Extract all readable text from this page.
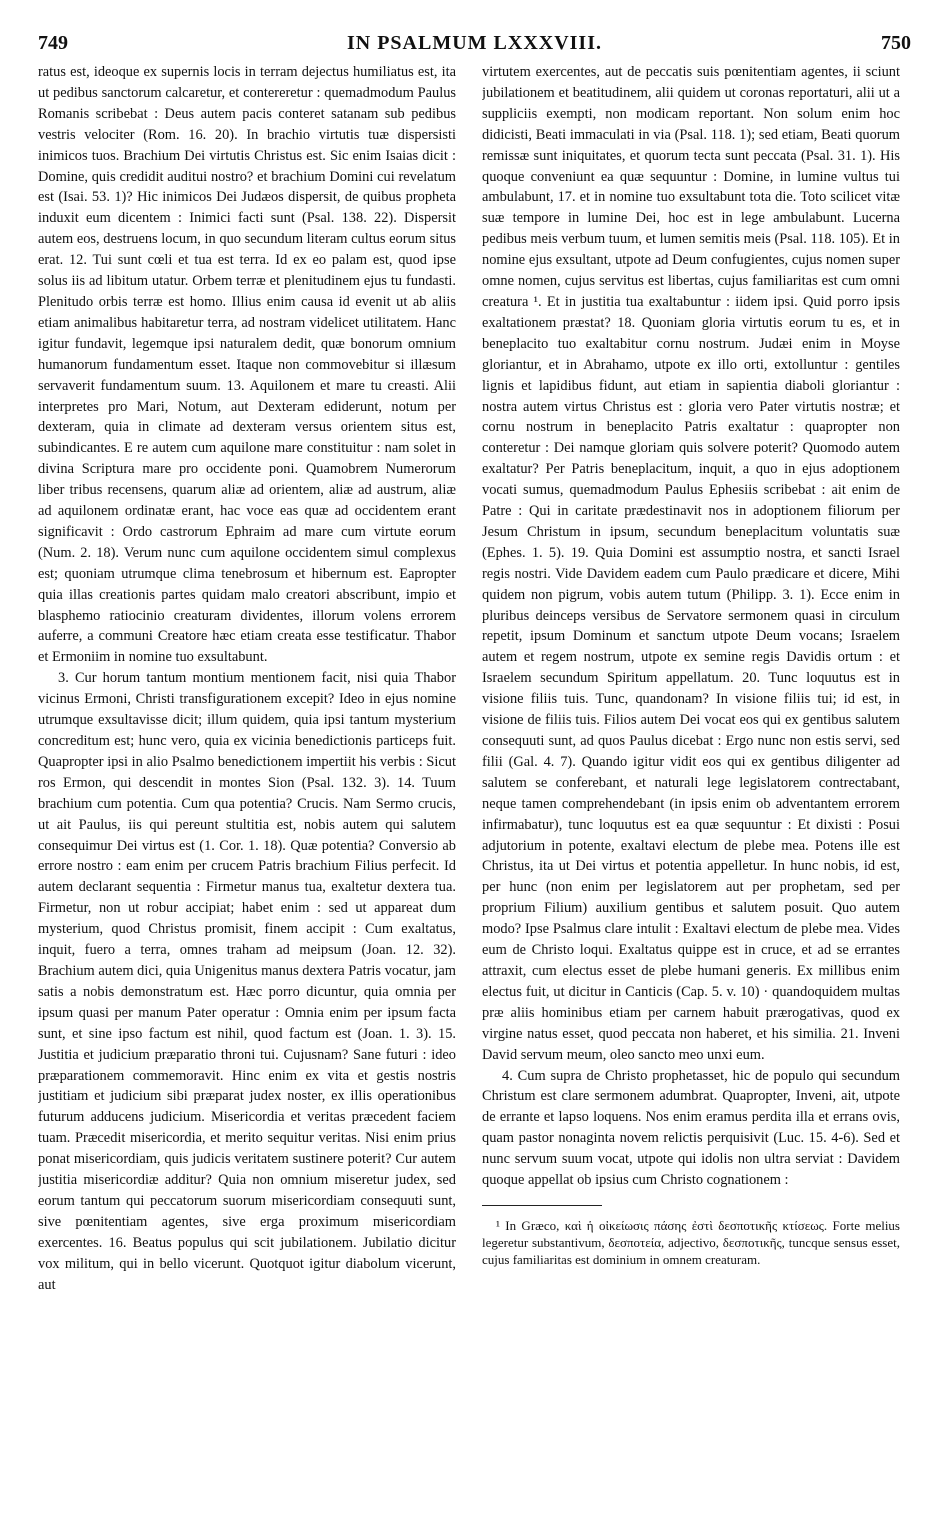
749	IN PSALMUM LXXXVIII.	750

ratus est, ideoque ex supernis locis in terram dejectus humiliatus est, ita ut pedibus sanctorum calcaretur, et contereretur : quemadmodum Paulus Romanis scribebat : Deus autem pacis conteret satanam sub pedibus vestris velociter (Rom. 16. 20). In brachio virtutis tuæ dispersisti inimicos tuos. Brachium Dei virtutis Christus est. Sic enim Isaias dicit : Domine, quis credidit auditui nostro? et brachium Domini cui revelatum est (Isai. 53. 1)? Hic inimicos Dei Judæos dispersit, de quibus propheta induxit eum dicentem : Inimici facti sunt (Psal. 138. 22). Dispersit autem eos, destruens locum, in quo secundum literam cultus eorum situs erat. 12. Tui sunt cœli et tua est terra. Id ex eo palam est, quod ipse solus iis ad libitum utatur. Orbem terræ et plenitudinem ejus tu fundasti. Plenitudo orbis terræ est homo. Illius enim causa id evenit ut ab aliis etiam animalibus habitaretur terra, ad nostram videlicet utilitatem. Hanc igitur fundavit, legemque ipsi naturalem dedit, quæ bonorum omnium humanorum fundamentum esset. Itaque non commovebitur si illæsum servaverit fundamentum suum. 13. Aquilonem et mare tu creasti. Alii interpretes pro Mari, Notum, aut Dexteram ediderunt, notum per dexteram, quia in climate ad dexteram versus orientem situs est, subindicantes. E re autem cum aquilone mare constituitur : nam solet in divina Scriptura mare pro occidente poni. Quamobrem Numerorum liber tribus recensens, quarum aliæ ad orientem, aliæ ad austrum, aliæ ad aquilonem ordinatæ erant, hac voce eas quæ ad occidentem erant significavit : Ordo castrorum Ephraim ad mare cum virtute eorum (Num. 2. 18). Verum nunc cum aquilone occidentem simul complexus est; quoniam utrumque clima tenebrosum et hibernum est. Eapropter quia illas creationis partes quidam malo creatori abscribunt, impio et blasphemo ratiocinio creaturam dividentes, illorum volens errorem auferre, a communi Creatore hæc etiam creata esse testificatur. Thabor et Ermoniim in nomine tuo exsultabunt.

3. Cur horum tantum montium mentionem facit, nisi quia Thabor vicinus Ermoni, Christi transfigurationem excepit? Ideo in ejus nomine utrumque exsultavisse dicit; illum quidem, quia ipsi tantum mysterium concreditum est; hunc vero, quia ex vicinia benedictionis particeps fuit. Quapropter ipsi in alio Psalmo benedictionem impertiit his verbis : Sicut ros Ermon, qui descendit in montes Sion (Psal. 132. 3). 14. Tuum brachium cum potentia. Cum qua potentia? Crucis. Nam Sermo crucis, ut ait Paulus, iis qui pereunt stultitia est, nobis autem qui salutem consequimur Dei virtus est (1. Cor. 1. 18). Quæ potentia? Conversio ab errore nostro : eam enim per crucem Patris brachium Filius perfecit. Id autem declarant sequentia : Firmetur manus tua, exaltetur dextera tua. Firmetur, non ut robur accipiat; habet enim : sed ut appareat dum mysterium, quod Christus promisit, finem accipit : Cum exaltatus, inquit, fuero a terra, omnes traham ad meipsum (Joan. 12. 32). Brachium autem dici, quia Unigenitus manus dextera Patris vocatur, jam satis a nobis demonstratum est. Hæc porro dicuntur, quia omnia per ipsum quasi per manum Pater operatur : Omnia enim per ipsum facta sunt, et sine ipso factum est nihil, quod factum est (Joan. 1. 3). 15. Justitia et judicium præparatio throni tui. Cujusnam? Sane futuri : ideo præparationem commemoravit. Hinc enim ex vita et gestis nostris justitiam et judicium sibi præparat judex noster, ex illis operationibus futurum adducens judicium. Misericordia et veritas præcedent faciem tuam. Præcedit misericordia, et merito sequitur veritas. Nisi enim prius ponat misericordiam, quis judicis veritatem sustinere poterit? Cur autem justitia misericordiæ additur? Quia non omnium miseretur judex, sed eorum tantum qui peccatorum suorum misericordiam consequuti sunt, sive pœnitentiam agentes, sive erga proximum misericordiam exercentes. 16. Beatus populus qui scit jubilationem. Jubilatio dicitur vox militum, qui in bello vicerunt. Quotquot igitur diabolum vicerunt, aut

virtutem exercentes, aut de peccatis suis pœnitentiam agentes, ii sciunt jubilationem et beatitudinem, alii quidem ut coronas reportaturi, alii ut a suppliciis exempti, non modicam reportant. Non solum enim hoc didicisti, Beati immaculati in via (Psal. 118. 1); sed etiam, Beati quorum remissæ sunt iniquitates, et quorum tecta sunt peccata (Psal. 31. 1). His quoque conveniunt ea quæ sequuntur : Domine, in lumine vultus tui ambulabunt, 17. et in nomine tuo exsultabunt tota die. Toto scilicet vitæ suæ tempore in lumine Dei, hoc est in lege ambulabunt. Lucerna pedibus meis verbum tuum, et lumen semitis meis (Psal. 118. 105). Et in nomine ejus exsultant, utpote ad Deum confugientes, cujus nomen super omne nomen, cujus servitus est libertas, cujus familiaritas est cum omni creatura ¹. Et in justitia tua exaltabuntur : iidem ipsi. Quid porro ipsis exaltationem præstat? 18. Quoniam gloria virtutis eorum tu es, et in beneplacito tuo exaltabitur cornu nostrum. Judæi enim in Moyse gloriantur, et in Abrahamo, utpote ex illo orti, extolluntur : gentiles lignis et lapidibus fidunt, aut etiam in sapientia diaboli gloriantur : nostra autem virtus Christus est : gloria vero Pater virtutis nostræ; et cornu nostrum in beneplacito Patris exaltatur : quapropter non conteretur : Dei namque gloriam quis solvere poterit? Quomodo autem exaltatur? Per Patris beneplacitum, inquit, a quo in ejus adoptionem vocati sumus, quemadmodum Paulus Ephesiis scribebat : ait enim de Patre : Qui in caritate prædestinavit nos in adoptionem filiorum per Jesum Christum in ipsum, secundum beneplacitum voluntatis suæ (Ephes. 1. 5). 19. Quia Domini est assumptio nostra, et sancti Israel regis nostri. Vide Davidem eadem cum Paulo prædicare et dicere, Mihi quidem non pigrum, vobis autem tutum (Philipp. 3. 1). Ecce enim in pluribus deinceps versibus de Servatore sermonem quasi in circulum repetit, ipsum Dominum et sanctum utpote Deum vocans; Israelem autem et regem nostrum, utpote ex semine regis Davidis ortum : et Israelem secundum Spiritum appellatum. 20. Tunc loquutus est in visione filiis tuis. Tunc, quandonam? In visione filiis tui; id est, in visione de filiis tuis. Filios autem Dei vocat eos qui ex gentibus salutem consequuti sunt, ad quos Paulus dicebat : Ergo nunc non estis servi, sed filii (Gal. 4. 7). Quando igitur vidit eos qui ex gentibus diligenter ad salutem se conferebant, et naturali lege legislatorem contrectabant, neque tamen comprehendebant (in ipsis enim ob adventantem errorem infirmabatur), tunc loquutus est ea quæ sequuntur : Et dixisti : Posui adjutorium in potente, exaltavi electum de plebe mea. Potens ille est Christus, ita ut Dei virtus et potentia appelletur. In hunc nobis, id est, per hunc (non enim per legislatorem aut per prophetam, sed per proprium Filium) auxilium gentibus et salutem posuit. Quo autem modo? Ipse Psalmus clare intulit : Exaltavi electum de plebe mea. Vides eum de Christo loqui. Exaltatus quippe est in cruce, et ad se errantes attraxit, cum electus esset de plebe humani generis. Ex millibus enim electus fuit, ut dicitur in Canticis (Cap. 5. v. 10) · quandoquidem multas præ aliis hominibus etiam per carnem habuit prærogativas, quod ex virgine natus esset, quod peccata non haberet, et his similia. 21. Inveni David servum meum, oleo sancto meo unxi eum.

4. Cum supra de Christo prophetasset, hic de populo qui secundum Christum est clare sermonem adumbrat. Quapropter, Inveni, ait, utpote de errante et lapso loquens. Nos enim eramus perdita illa et errans ovis, quam pastor nonaginta novem relictis perquisivit (Luc. 15. 4-6). Sed et nunc servum suum vocat, utpote qui idolis non ultra serviat : Davidem quoque appellat ob ipsius cum Christo cognationem :

¹ In Græco, καὶ ἡ οἰκείωσις πάσης ἐστὶ δεσποτικῆς κτίσεως. Forte melius legeretur substantivum, δεσποτεία, adjectivo, δεσποτικῆς, tuncque sensus esset, cujus familiaritas est dominium in omnem creaturam.
